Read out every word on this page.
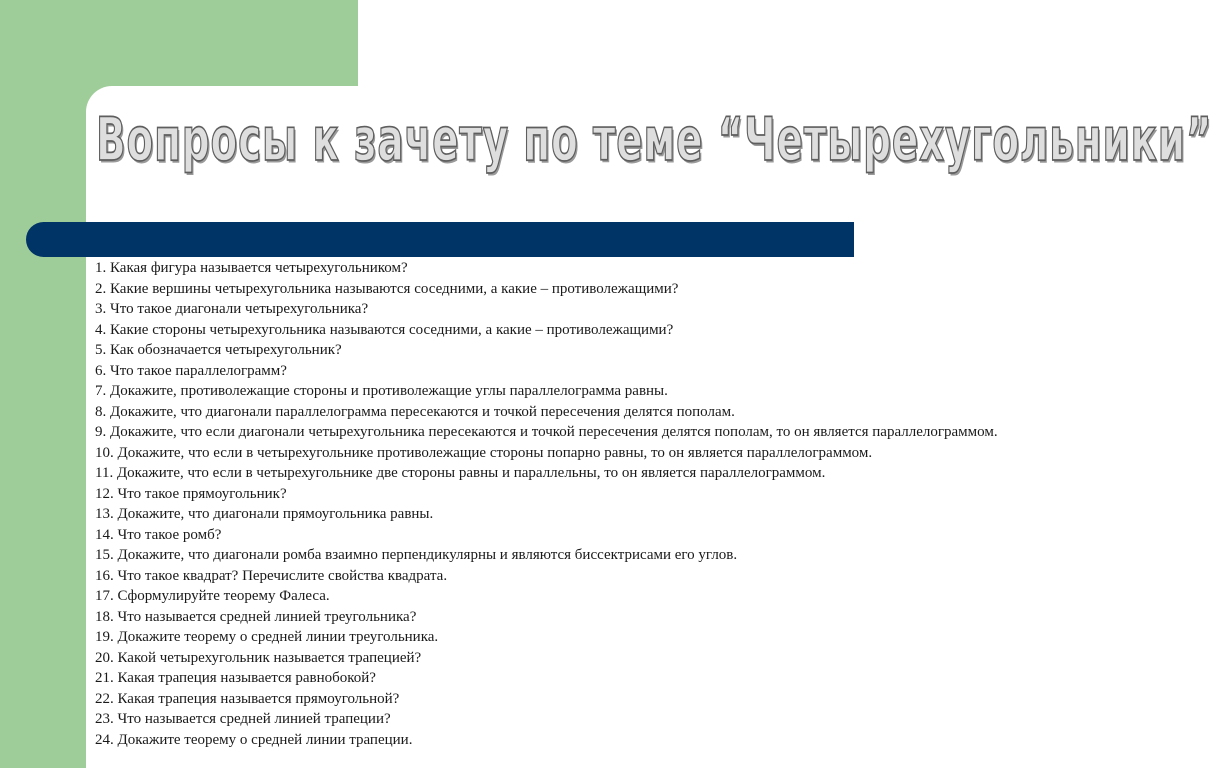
Вопросы к зачету по теме “Четырехугольники”
1. Какая фигура называется четырехугольником?
2. Какие вершины четырехугольника называются соседними, а какие – противолежащими?
3. Что такое диагонали четырехугольника?
4. Какие стороны четырехугольника называются соседними, а какие – противолежащими?
5. Как обозначается четырехугольник?
6. Что такое параллелограмм?
7. Докажите, противолежащие стороны и противолежащие углы параллелограмма равны.
8. Докажите, что диагонали параллелограмма пересекаются и точкой пересечения делятся пополам.
9. Докажите, что если диагонали четырехугольника пересекаются и точкой пересечения делятся пополам, то он является параллелограммом.
10. Докажите, что если в четырехугольнике противолежащие стороны попарно равны, то он является параллелограммом.
11. Докажите, что если в четырехугольнике две стороны равны и параллельны, то он является параллелограммом.
12. Что такое прямоугольник?
13. Докажите, что диагонали прямоугольника равны.
14. Что такое ромб?
15. Докажите, что диагонали ромба взаимно перпендикулярны и являются биссектрисами его углов.
16. Что такое квадрат? Перечислите свойства квадрата.
17. Сформулируйте теорему Фалеса.
18. Что называется средней линией треугольника?
19. Докажите теорему о средней линии треугольника.
20. Какой четырехугольник называется трапецией?
21. Какая трапеция называется равнобокой?
22. Какая трапеция называется прямоугольной?
23. Что называется средней линией трапеции?
24. Докажите теорему о средней линии трапеции.
